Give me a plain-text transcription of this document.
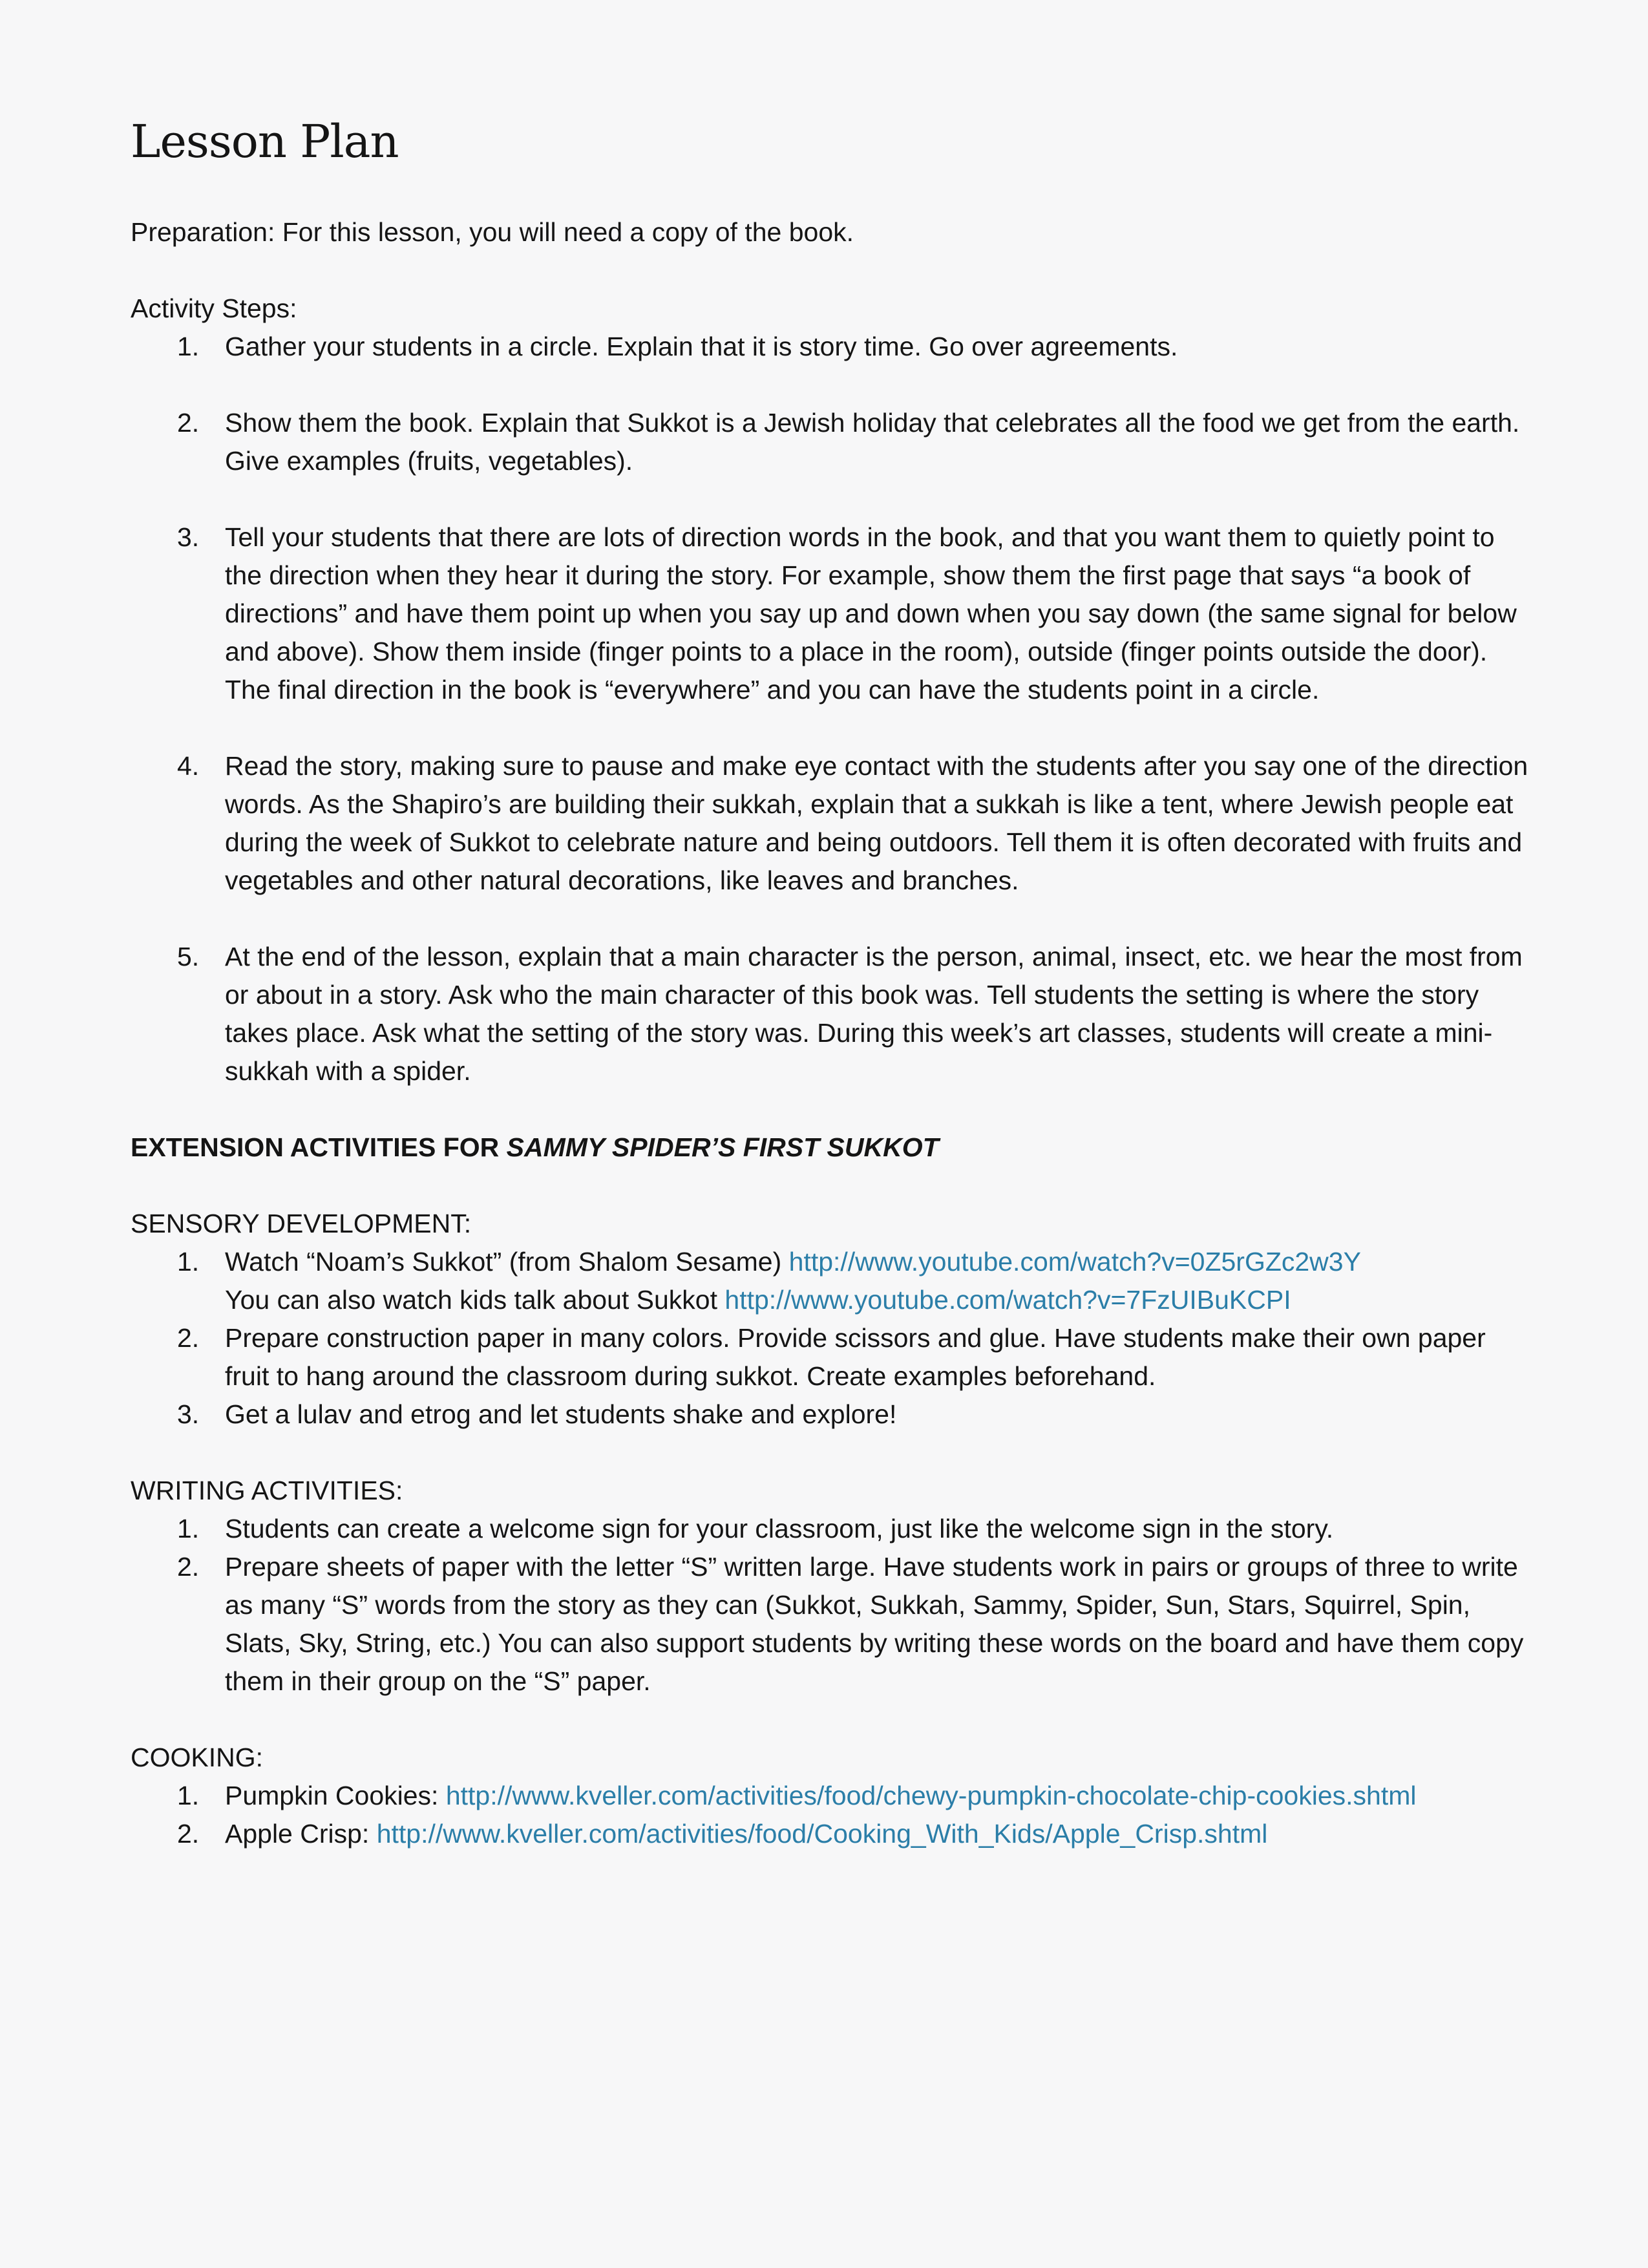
Lesson Plan

Preparation: For this lesson, you will need a copy of the book.

Activity Steps:

1. Gather your students in a circle. Explain that it is story time. Go over agreements.
2. Show them the book. Explain that Sukkot is a Jewish holiday that celebrates all the food we get from the earth. Give examples (fruits, vegetables).
3. Tell your students that there are lots of direction words in the book, and that you want them to quietly point to the direction when they hear it during the story. For example, show them the first page that says “a book of directions” and have them point up when you say up and down when you say down (the same signal for below and above). Show them inside (finger points to a place in the room), outside (finger points outside the door). The final direction in the book is “everywhere” and you can have the students point in a circle.
4. Read the story, making sure to pause and make eye contact with the students after you say one of the direction words. As the Shapiro’s are building their sukkah, explain that a sukkah is like a tent, where Jewish people eat during the week of Sukkot to celebrate nature and being outdoors. Tell them it is often decorated with fruits and vegetables and other natural decorations, like leaves and branches.
5. At the end of the lesson, explain that a main character is the person, animal, insect, etc. we hear the most from or about in a story. Ask who the main character of this book was. Tell students the setting is where the story takes place. Ask what the setting of the story was. During this week’s art classes, students will create a mini-sukkah with a spider.

EXTENSION ACTIVITIES FOR SAMMY SPIDER’S FIRST SUKKOT

SENSORY DEVELOPMENT:

1. Watch “Noam’s Sukkot” (from Shalom Sesame) http://www.youtube.com/watch?v=0Z5rGZc2w3Y
You can also watch kids talk about Sukkot http://www.youtube.com/watch?v=7FzUIBuKCPI
2. Prepare construction paper in many colors. Provide scissors and glue. Have students make their own paper fruit to hang around the classroom during sukkot. Create examples beforehand.
3. Get a lulav and etrog and let students shake and explore!

WRITING ACTIVITIES:

1. Students can create a welcome sign for your classroom, just like the welcome sign in the story.
2. Prepare sheets of paper with the letter “S” written large. Have students work in pairs or groups of three to write as many “S” words from the story as they can (Sukkot, Sukkah, Sammy, Spider, Sun, Stars, Squirrel, Spin, Slats, Sky, String, etc.) You can also support students by writing these words on the board and have them copy them in their group on the “S” paper.

COOKING:

1. Pumpkin Cookies: http://www.kveller.com/activities/food/chewy-pumpkin-chocolate-chip-cookies.shtml
2. Apple Crisp: http://www.kveller.com/activities/food/Cooking_With_Kids/Apple_Crisp.shtml
